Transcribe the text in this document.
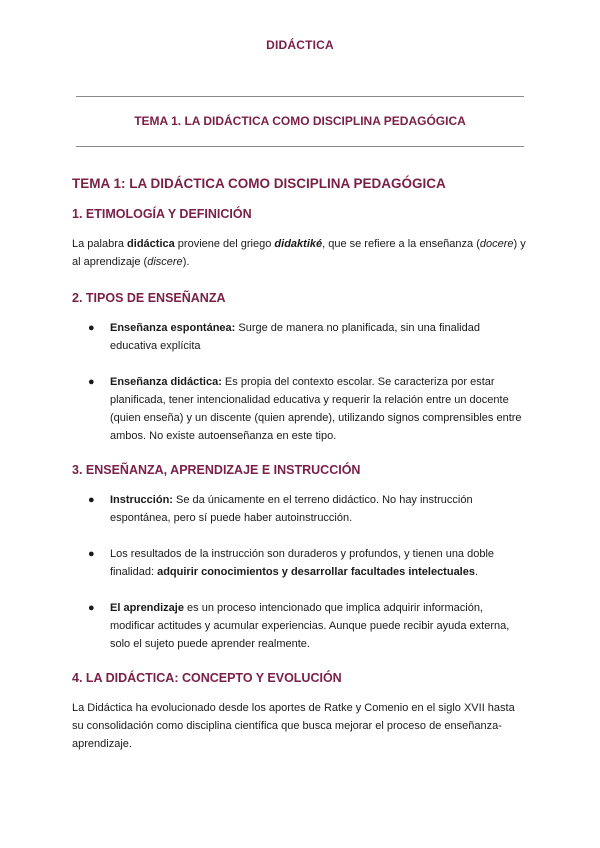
DIDÁCTICA
TEMA 1. LA DIDÁCTICA COMO DISCIPLINA PEDAGÓGICA
TEMA 1: LA DIDÁCTICA COMO DISCIPLINA PEDAGÓGICA
1. ETIMOLOGÍA Y DEFINICIÓN

La palabra didáctica proviene del griego didaktiké, que se refiere a la enseñanza (docere) y al aprendizaje (discere).

2. TIPOS DE ENSEÑANZA
● Enseñanza espontánea: Surge de manera no planificada, sin una finalidad educativa explícita
● Enseñanza didáctica: Es propia del contexto escolar. Se caracteriza por estar planificada, tener intencionalidad educativa y requerir la relación entre un docente (quien enseña) y un discente (quien aprende), utilizando signos comprensibles entre ambos. No existe autoenseñanza en este tipo.
3. ENSEÑANZA, APRENDIZAJE E INSTRUCCIÓN
● Instrucción: Se da únicamente en el terreno didáctico. No hay instrucción espontánea, pero sí puede haber autoinstrucción.
● Los resultados de la instrucción son duraderos y profundos, y tienen una doble finalidad: adquirir conocimientos y desarrollar facultades intelectuales.
● El aprendizaje es un proceso intencionado que implica adquirir información, modificar actitudes y acumular experiencias. Aunque puede recibir ayuda externa, solo el sujeto puede aprender realmente.
4. LA DIDÁCTICA: CONCEPTO Y EVOLUCIÓN

La Didáctica ha evolucionado desde los aportes de Ratke y Comenio en el siglo XVII hasta su consolidación como disciplina científica que busca mejorar el proceso de enseñanza-aprendizaje.
